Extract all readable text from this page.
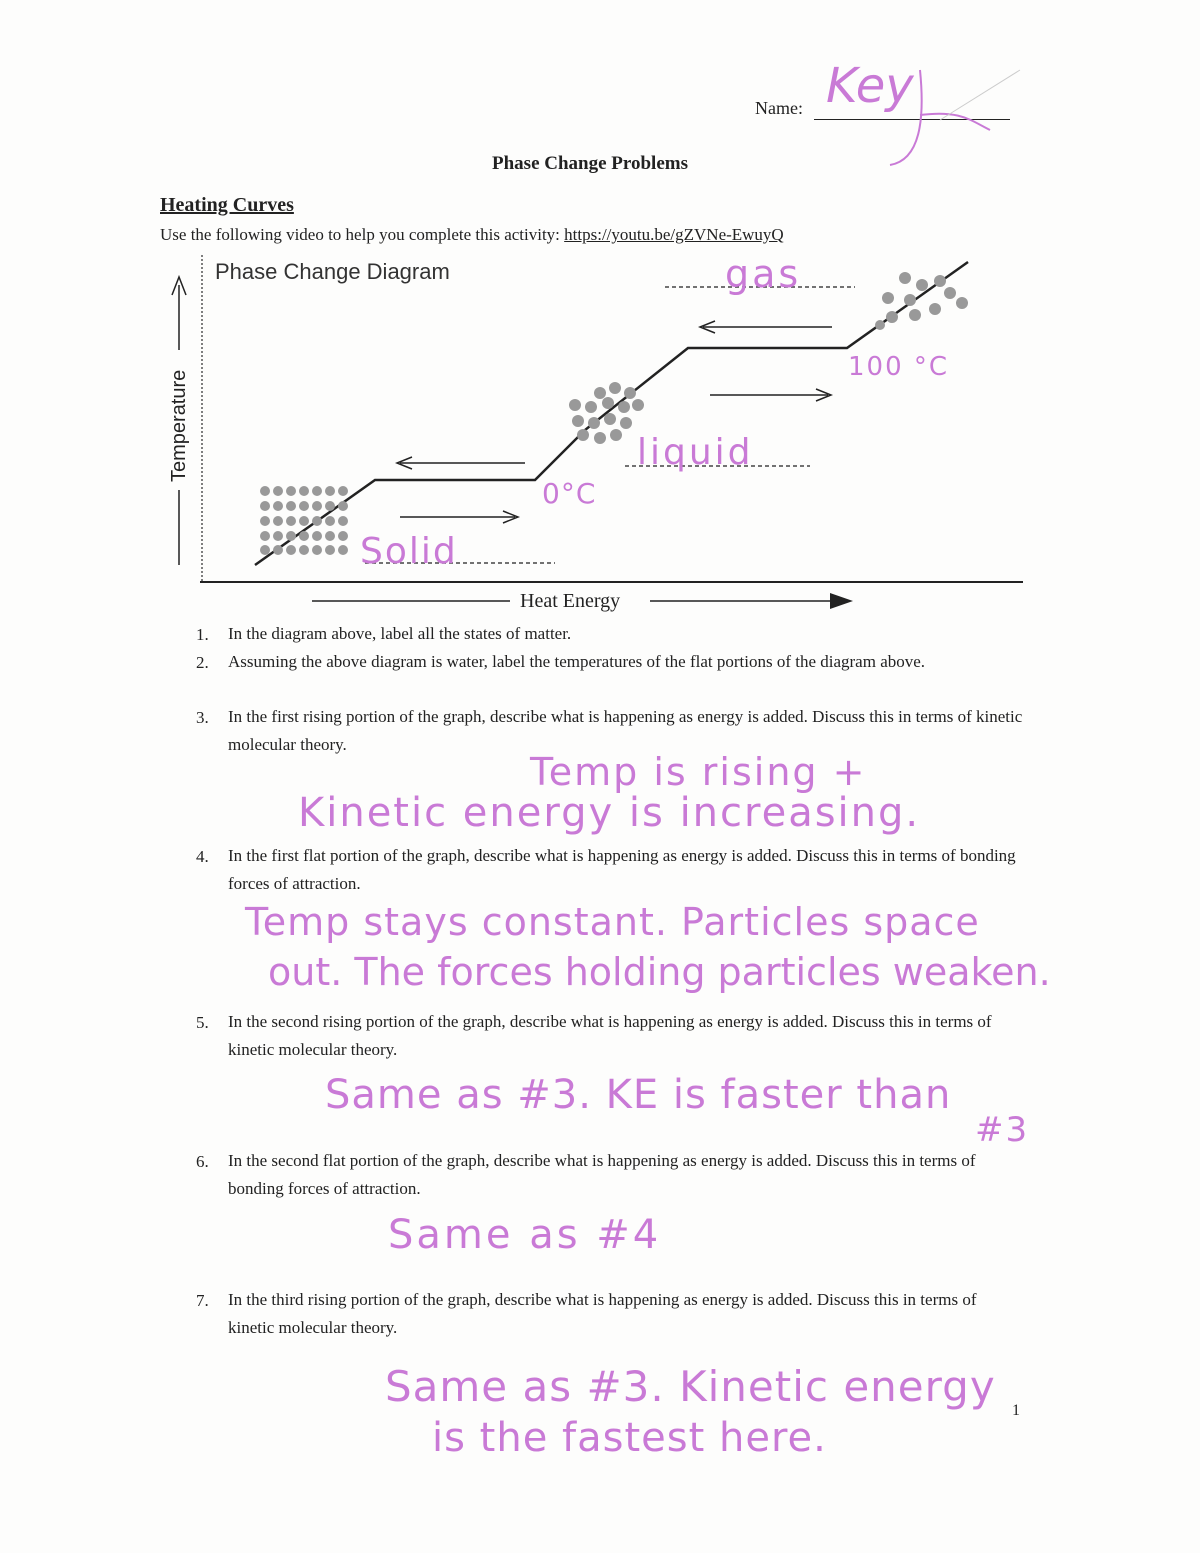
Name: Key
Phase Change Problems
Heating Curves
Use the following video to help you complete this activity: https://youtu.be/gZVNe-EwuyQ
Temperature
Heat Energy
Phase Change Diagram	gas
100 °C
liquid
0°C
Solid
1. In the diagram above, label all the states of matter.
2. Assuming the above diagram is water, label the temperatures of the flat portions of the diagram above.
3. In the first rising portion of the graph, describe what is happening as energy is added. Discuss this in terms of kinetic molecular theory.
Temp is rising +
Kinetic energy is increasing.
4. In the first flat portion of the graph, describe what is happening as energy is added. Discuss this in terms of bonding forces of attraction.
Temp stays constant. Particles space
out. The forces holding particles weaken.
5. In the second rising portion of the graph, describe what is happening as energy is added. Discuss this in terms of kinetic molecular theory.
Same as #3. KE is faster than
#3
6. In the second flat portion of the graph, describe what is happening as energy is added. Discuss this in terms of bonding forces of attraction.
Same as #4
7. In the third rising portion of the graph, describe what is happening as energy is added. Discuss this in terms of kinetic molecular theory.
Same as #3. Kinetic energy
is the fastest here.
1
